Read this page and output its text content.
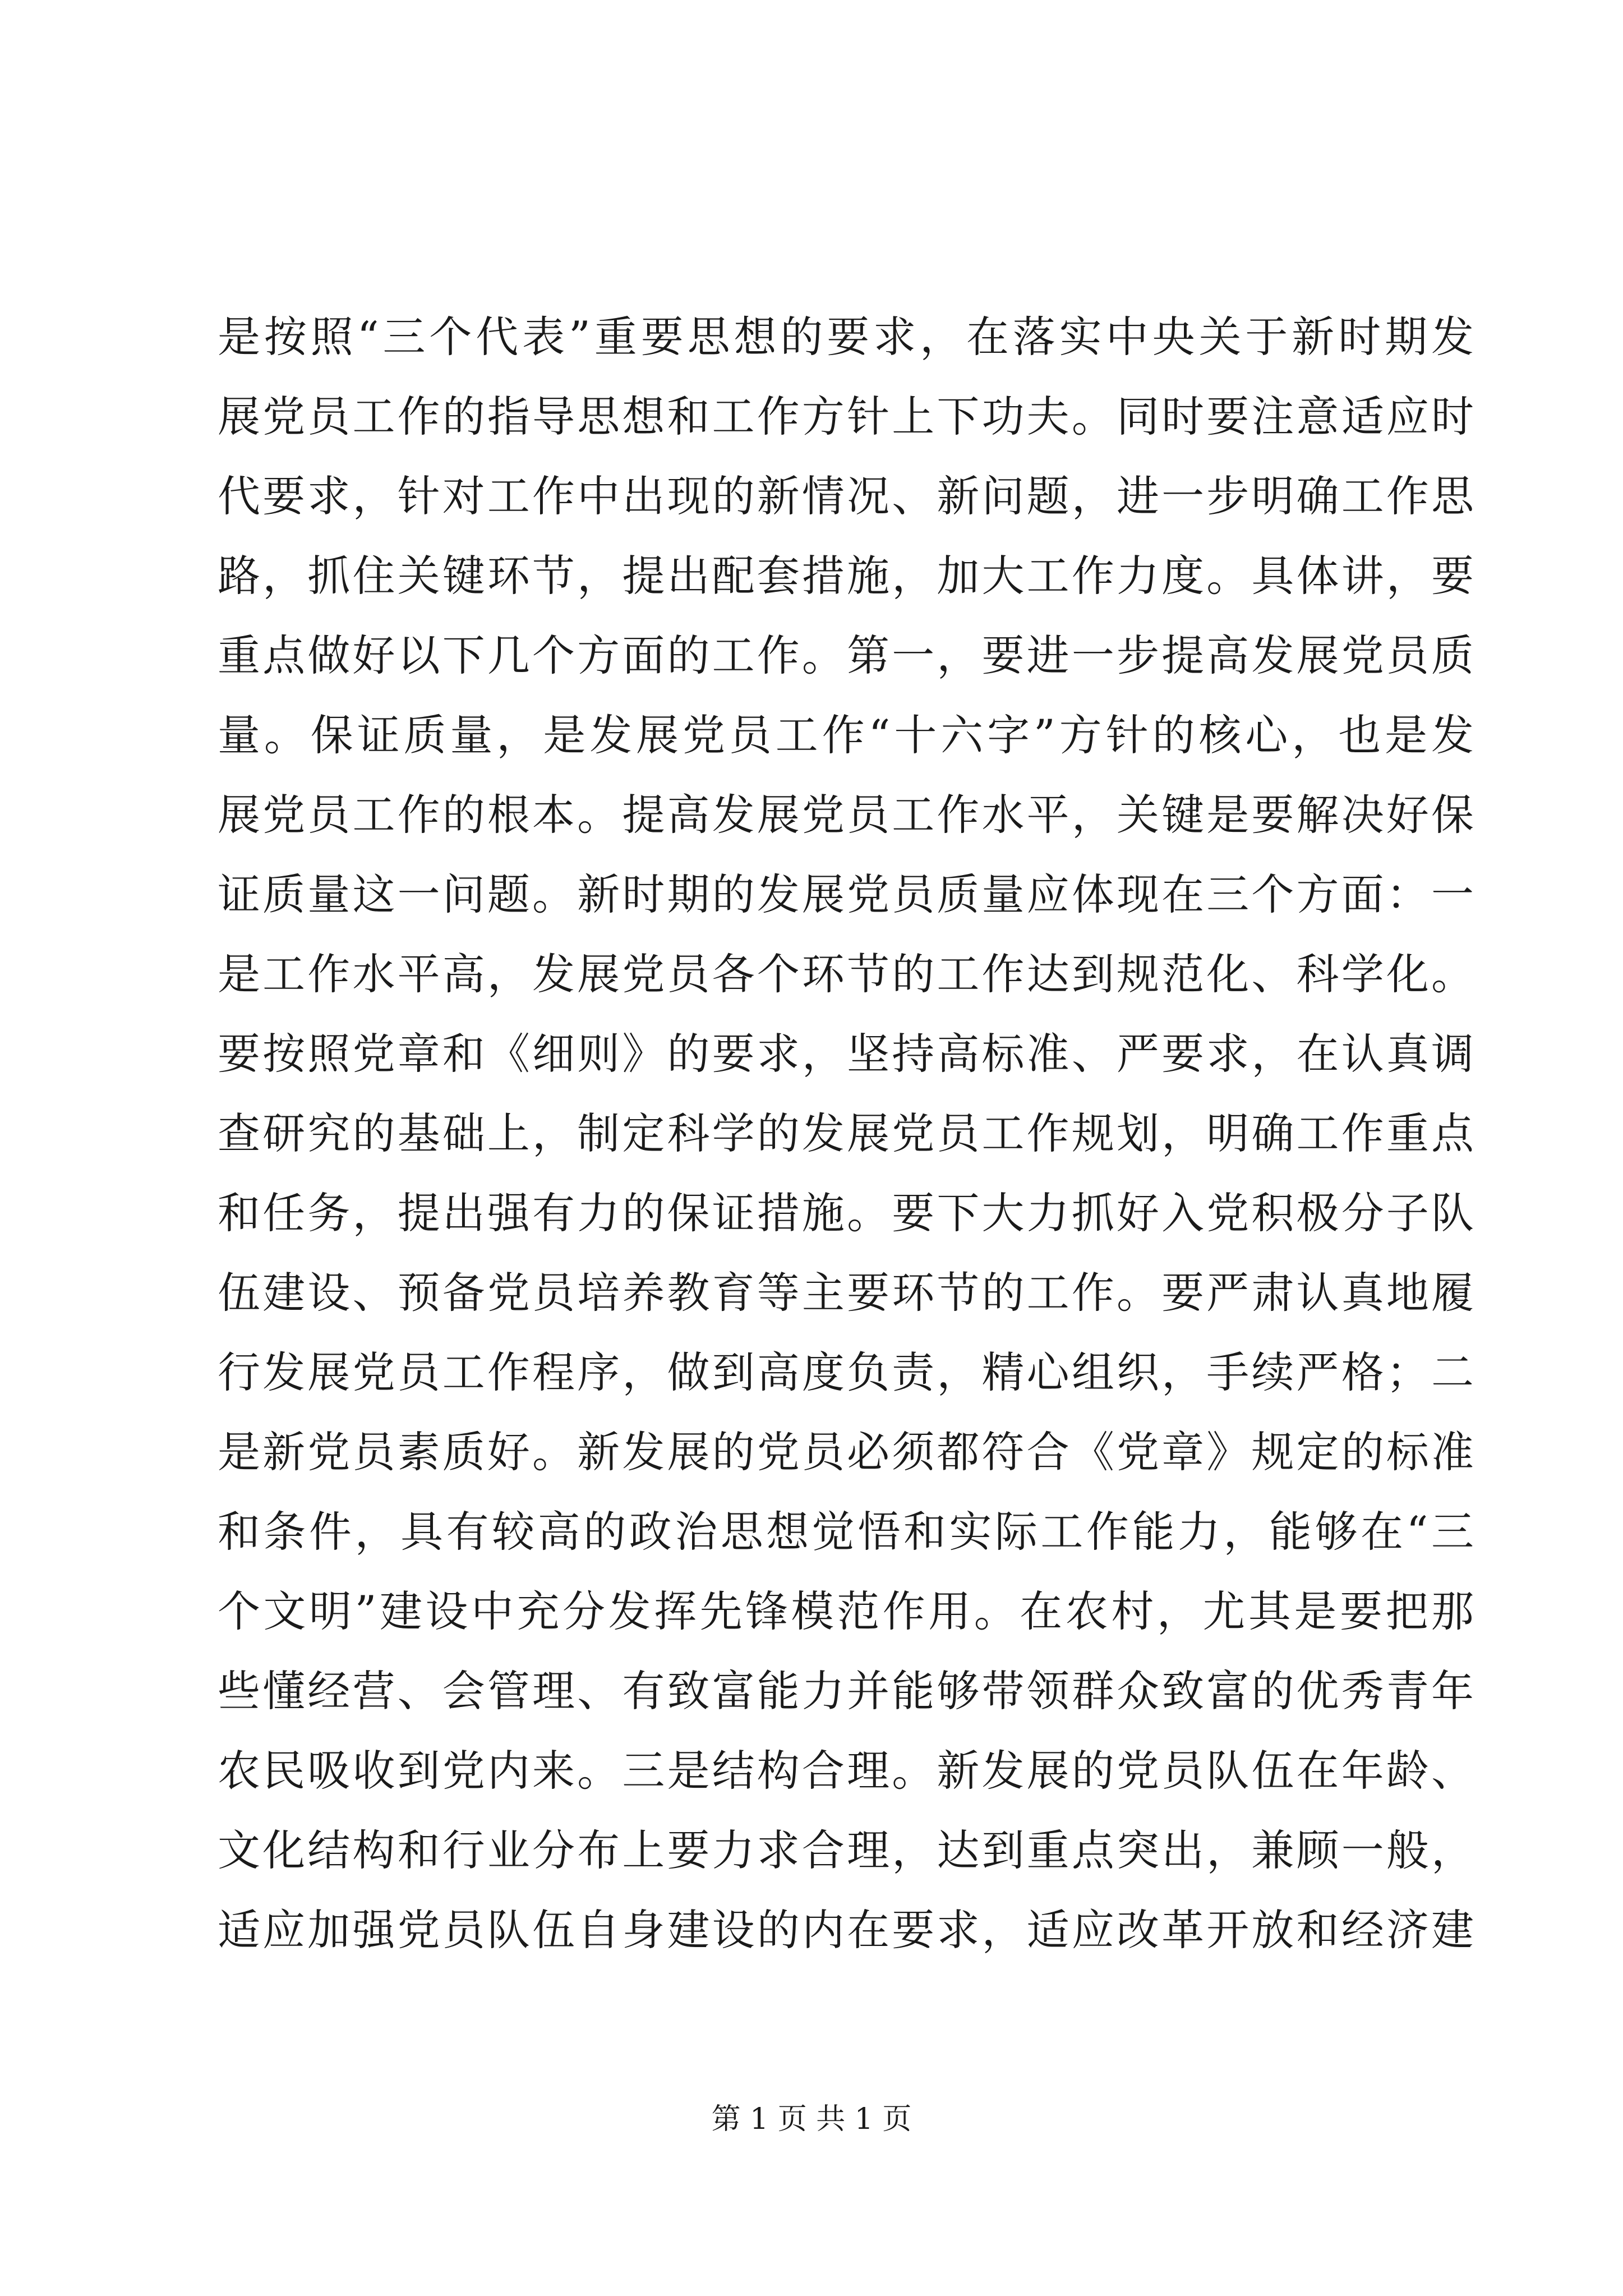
是按照“三个代表”重要思想的要求，在落实中央关于新时期发
展党员工作的指导思想和工作方针上下功夫。同时要注意适应时
代要求，针对工作中出现的新情况、新问题，进一步明确工作思
路，抓住关键环节，提出配套措施，加大工作力度。具体讲，要
重点做好以下几个方面的工作。第一，要进一步提高发展党员质
量。保证质量，是发展党员工作“十六字”方针的核心，也是发
展党员工作的根本。提高发展党员工作水平，关键是要解决好保
证质量这一问题。新时期的发展党员质量应体现在三个方面：一
是工作水平高，发展党员各个环节的工作达到规范化、科学化。
要按照党章和《细则》的要求，坚持高标准、严要求，在认真调
查研究的基础上，制定科学的发展党员工作规划，明确工作重点
和任务，提出强有力的保证措施。要下大力抓好入党积极分子队
伍建设、预备党员培养教育等主要环节的工作。要严肃认真地履
行发展党员工作程序，做到高度负责，精心组织，手续严格；二
是新党员素质好。新发展的党员必须都符合《党章》规定的标准
和条件，具有较高的政治思想觉悟和实际工作能力，能够在“三
个文明”建设中充分发挥先锋模范作用。在农村，尤其是要把那
些懂经营、会管理、有致富能力并能够带领群众致富的优秀青年
农民吸收到党内来。三是结构合理。新发展的党员队伍在年龄、
文化结构和行业分布上要力求合理，达到重点突出，兼顾一般，
适应加强党员队伍自身建设的内在要求，适应改革开放和经济建
第 1 页 共 1 页
